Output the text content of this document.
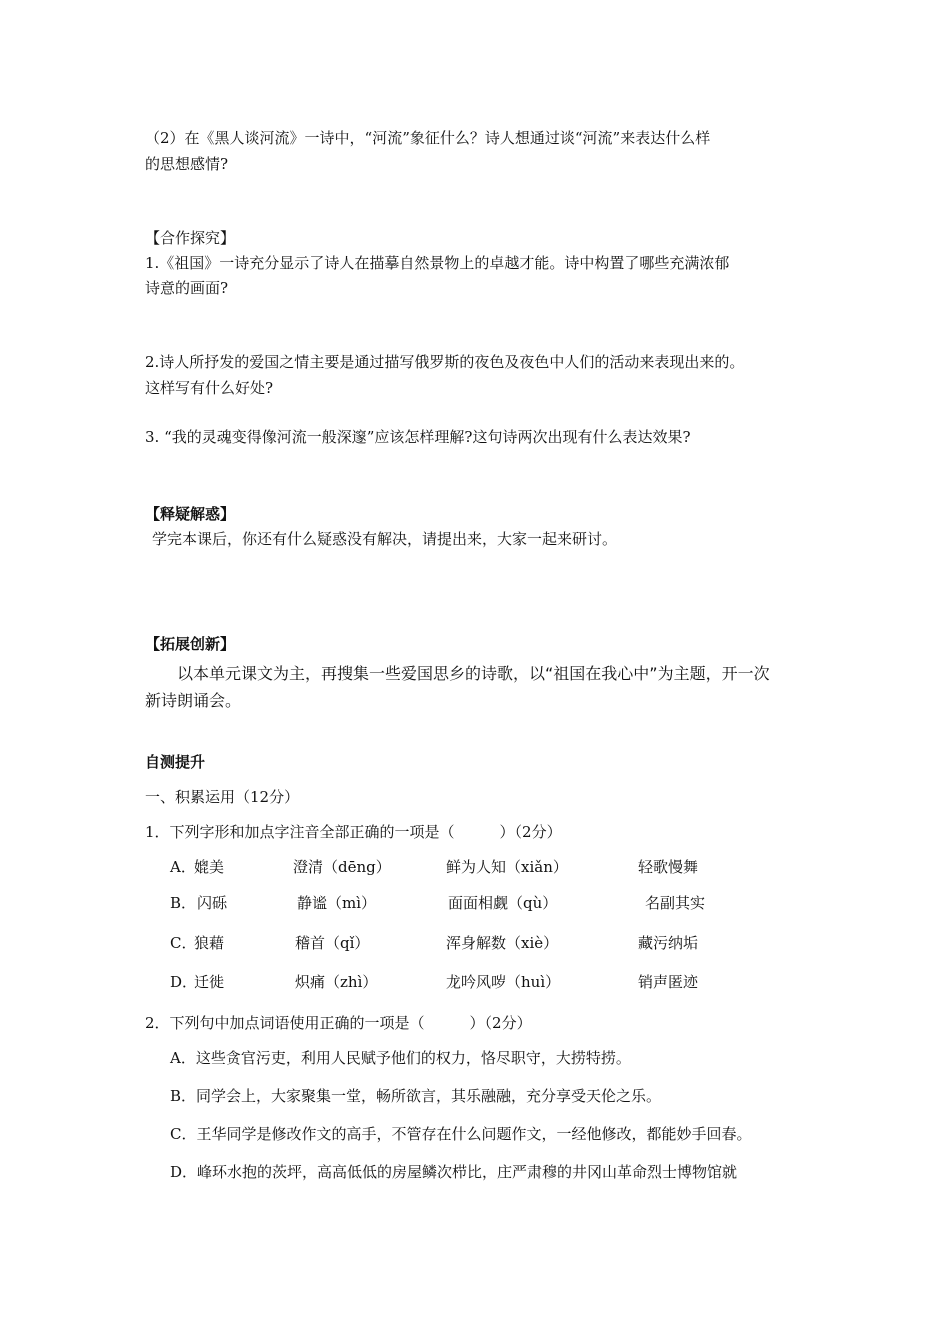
（2）在《黑人谈河流》一诗中，“河流”象征什么？诗人想通过谈“河流”来表达什么样
的思想感情?
【合作探究】
1.《祖国》一诗充分显示了诗人在描摹自然景物上的卓越才能。诗中构置了哪些充满浓郁
诗意的画面?
2.诗人所抒发的爱国之情主要是通过描写俄罗斯的夜色及夜色中人们的活动来表现出来的。
这样写有什么好处?
3. “我的灵魂变得像河流一般深邃”应该怎样理解?这句诗两次出现有什么表达效果?
【释疑解惑】
学完本课后，你还有什么疑惑没有解决，请提出来，大家一起来研讨。
【拓展创新】
以本单元课文为主，再搜集一些爱国思乡的诗歌，以“祖国在我心中”为主题，开一次
新诗朗诵会。
自测提升
一、积累运用（12分）
1．下列字形和加点字注音全部正确的一项是（　　　）（2分）
A．
媲美	澄清（dēng）	鲜为人知（xiǎn）	轻歌慢舞
B． 闪砾	静谧（mì）	面面相觑（qù）	名副其实
C．
狼藉	稽首（qǐ）	浑身解数（xiè）	藏污纳垢
D．
迁徙	炽痛（zhì）	龙吟风哕（huì）	销声匿迹
2．下列句中加点词语使用正确的一项是（　　　）（2分）
A．这些贪官污吏，利用人民赋予他们的权力，恪尽职守，大捞特捞。
B．同学会上，大家聚集一堂，畅所欲言，其乐融融，充分享受天伦之乐。
C．王华同学是修改作文的高手，不管存在什么问题作文，一经他修改，都能妙手回春。
D．峰环水抱的茨坪，高高低低的房屋鳞次栉比，庄严肃穆的井冈山革命烈士博物馆就
